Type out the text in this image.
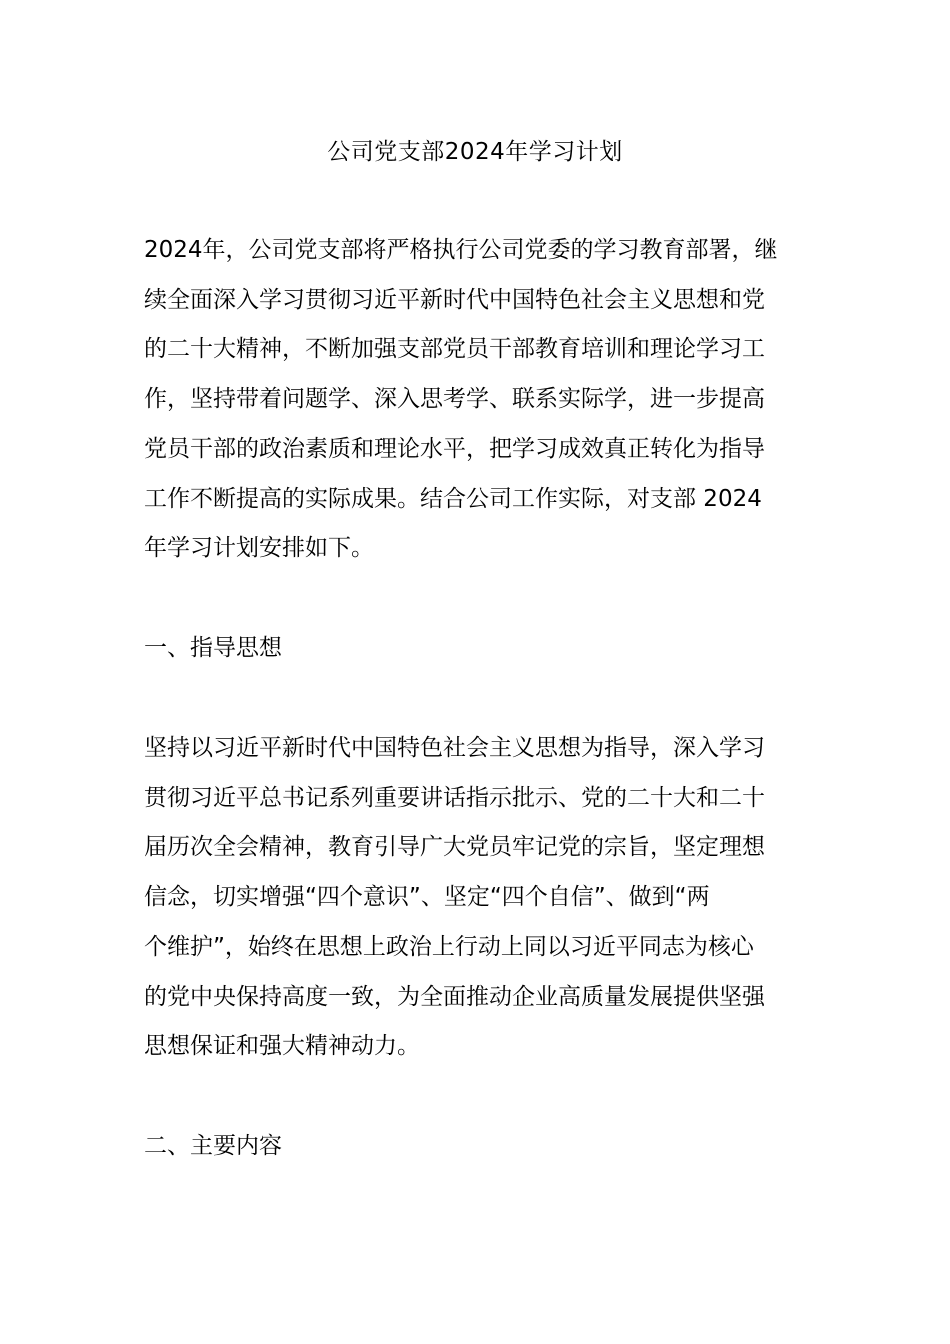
公司党支部2024年学习计划
2024年，公司党支部将严格执行公司党委的学习教育部署，继
续全面深入学习贯彻习近平新时代中国特色社会主义思想和党
的二十大精神，不断加强支部党员干部教育培训和理论学习工
作，坚持带着问题学、深入思考学、联系实际学，进一步提高
党员干部的政治素质和理论水平，把学习成效真正转化为指导
工作不断提高的实际成果。结合公司工作实际，对支部 2024
年学习计划安排如下。
一、指导思想
坚持以习近平新时代中国特色社会主义思想为指导，深入学习
贯彻习近平总书记系列重要讲话指示批示、党的二十大和二十
届历次全会精神，教育引导广大党员牢记党的宗旨，坚定理想
信念，切实增强“四个意识”、坚定“四个自信”、做到“两
个维护”，始终在思想上政治上行动上同以习近平同志为核心
的党中央保持高度一致，为全面推动企业高质量发展提供坚强
思想保证和强大精神动力。
二、主要内容
